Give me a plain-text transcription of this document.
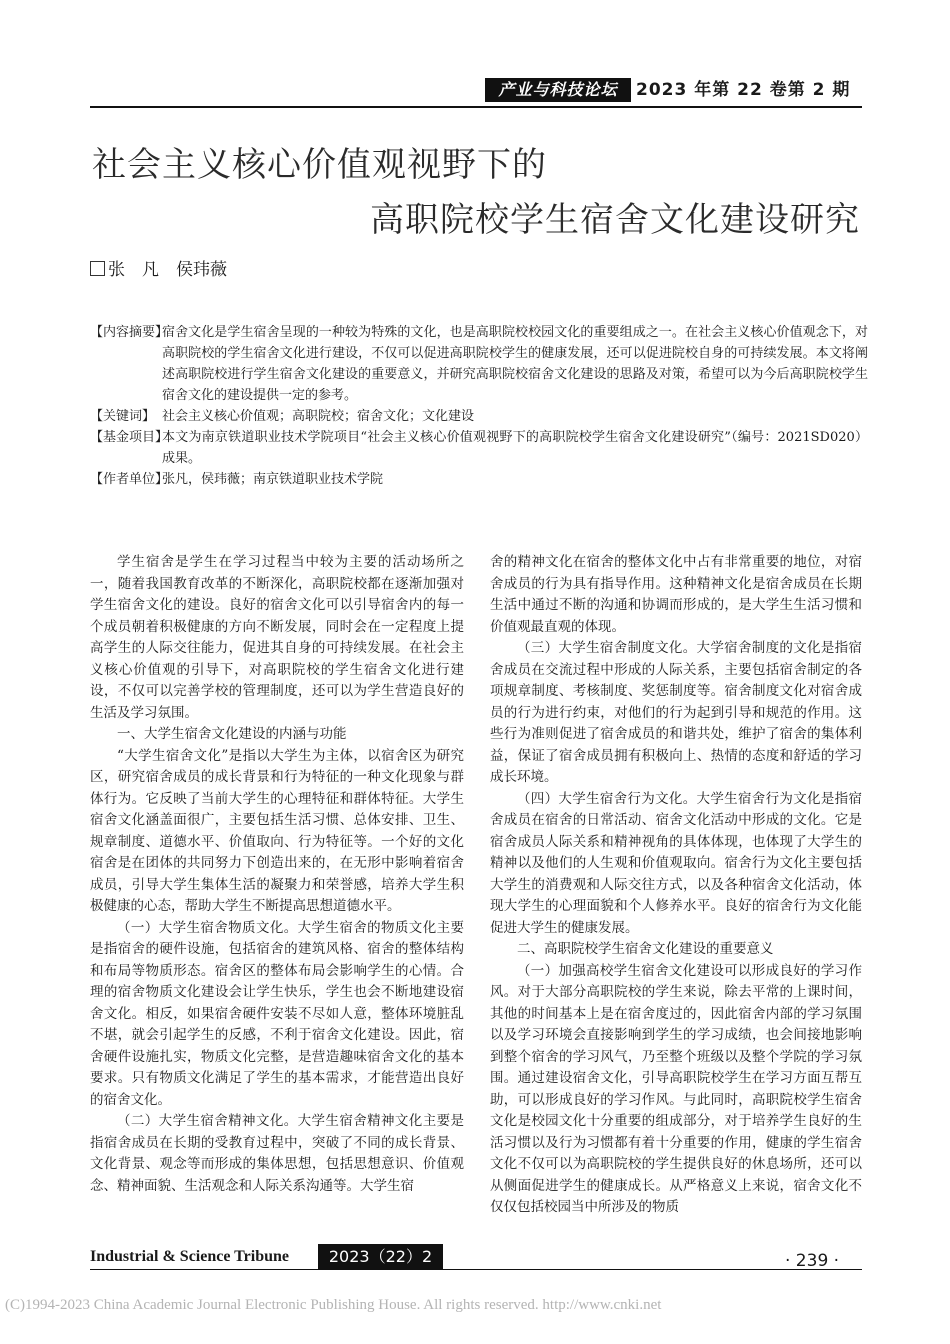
产业与科技论坛	2023 年第 22 卷第 2 期
社会主义核心价值观视野下的
高职院校学生宿舍文化建设研究
张　凡　侯玮薇
【内容摘要】
宿舍文化是学生宿舍呈现的一种较为特殊的文化，也是高职院校校园文化的重要组成之一。在社会主义核心价值观念下，对高职院校的学生宿舍文化进行建设，不仅可以促进高职院校学生的健康发展，还可以促进院校自身的可持续发展。本文将阐述高职院校进行学生宿舍文化建设的重要意义，并研究高职院校宿舍文化建设的思路及对策，希望可以为今后高职院校学生宿舍文化的建设提供一定的参考。
【关键词】 社会主义核心价值观；高职院校；宿舍文化；文化建设
【基金项目】
本文为南京铁道职业技术学院项目“社会主义核心价值观视野下的高职院校学生宿舍文化建设研究”（编号：2021SD020）成果。
【作者单位】
张凡，侯玮薇；南京铁道职业技术学院

学生宿舍是学生在学习过程当中较为主要的活动场所之一，随着我国教育改革的不断深化，高职院校都在逐渐加强对学生宿舍文化的建设。良好的宿舍文化可以引导宿舍内的每一个成员朝着积极健康的方向不断发展，同时会在一定程度上提高学生的人际交往能力，促进其自身的可持续发展。在社会主义核心价值观的引导下，对高职院校的学生宿舍文化进行建设，不仅可以完善学校的管理制度，还可以为学生营造良好的生活及学习氛围。

一、大学生宿舍文化建设的内涵与功能

“大学生宿舍文化”是指以大学生为主体，以宿舍区为研究区，研究宿舍成员的成长背景和行为特征的一种文化现象与群体行为。它反映了当前大学生的心理特征和群体特征。大学生宿舍文化涵盖面很广，主要包括生活习惯、总体安排、卫生、规章制度、道德水平、价值取向、行为特征等。一个好的文化宿舍是在团体的共同努力下创造出来的，在无形中影响着宿舍成员，引导大学生集体生活的凝聚力和荣誉感，培养大学生积极健康的心态，帮助大学生不断提高思想道德水平。

（一）大学生宿舍物质文化。大学生宿舍的物质文化主要是指宿舍的硬件设施，包括宿舍的建筑风格、宿舍的整体结构和布局等物质形态。宿舍区的整体布局会影响学生的心情。合理的宿舍物质文化建设会让学生快乐，学生也会不断地建设宿舍文化。相反，如果宿舍硬件安装不尽如人意，整体环境脏乱不堪，就会引起学生的反感，不利于宿舍文化建设。因此，宿舍硬件设施扎实，物质文化完整，是营造趣味宿舍文化的基本要求。只有物质文化满足了学生的基本需求，才能营造出良好的宿舍文化。

（二）大学生宿舍精神文化。大学生宿舍精神文化主要是指宿舍成员在长期的受教育过程中，突破了不同的成长背景、文化背景、观念等而形成的集体思想，包括思想意识、价值观念、精神面貌、生活观念和人际关系沟通等。大学生宿

舍的精神文化在宿舍的整体文化中占有非常重要的地位，对宿舍成员的行为具有指导作用。这种精神文化是宿舍成员在长期生活中通过不断的沟通和协调而形成的，是大学生生活习惯和价值观最直观的体现。

（三）大学生宿舍制度文化。大学宿舍制度的文化是指宿舍成员在交流过程中形成的人际关系，主要包括宿舍制定的各项规章制度、考核制度、奖惩制度等。宿舍制度文化对宿舍成员的行为进行约束，对他们的行为起到引导和规范的作用。这些行为准则促进了宿舍成员的和谐共处，维护了宿舍的集体利益，保证了宿舍成员拥有积极向上、热情的态度和舒适的学习成长环境。

（四）大学生宿舍行为文化。大学生宿舍行为文化是指宿舍成员在宿舍的日常活动、宿舍文化活动中形成的文化。它是宿舍成员人际关系和精神视角的具体体现，也体现了大学生的精神以及他们的人生观和价值观取向。宿舍行为文化主要包括大学生的消费观和人际交往方式，以及各种宿舍文化活动，体现大学生的心理面貌和个人修养水平。良好的宿舍行为文化能促进大学生的健康发展。

二、高职院校学生宿舍文化建设的重要意义

（一）加强高校学生宿舍文化建设可以形成良好的学习作风。对于大部分高职院校的学生来说，除去平常的上课时间，其他的时间基本上是在宿舍度过的，因此宿舍内部的学习氛围以及学习环境会直接影响到学生的学习成绩，也会间接地影响到整个宿舍的学习风气，乃至整个班级以及整个学院的学习氛围。通过建设宿舍文化，引导高职院校学生在学习方面互帮互助，可以形成良好的学习作风。与此同时，高职院校学生宿舍文化是校园文化十分重要的组成部分，对于培养学生良好的生活习惯以及行为习惯都有着十分重要的作用，健康的学生宿舍文化不仅可以为高职院校的学生提供良好的休息场所，还可以从侧面促进学生的健康成长。从严格意义上来说，宿舍文化不仅仅包括校园当中所涉及的物质

Industrial & Science Tribune	2023（22）2	· 239 ·
(C)1994-2023 China Academic Journal Electronic Publishing House. All rights reserved. http://www.cnki.net
